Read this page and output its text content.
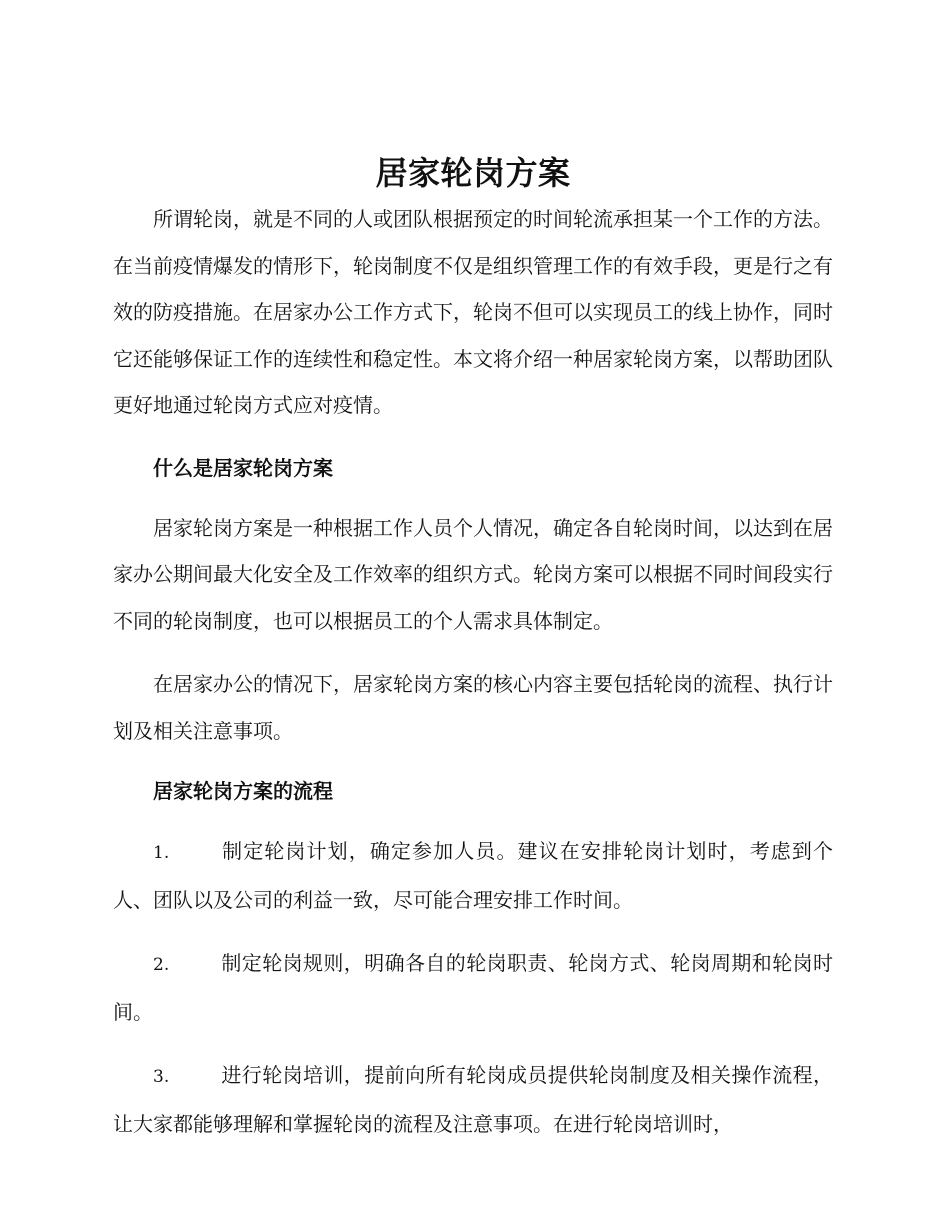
居家轮岗方案

所谓轮岗，就是不同的人或团队根据预定的时间轮流承担某一个工作的方法。在当前疫情爆发的情形下，轮岗制度不仅是组织管理工作的有效手段，更是行之有效的防疫措施。在居家办公工作方式下，轮岗不但可以实现员工的线上协作，同时它还能够保证工作的连续性和稳定性。本文将介绍一种居家轮岗方案，以帮助团队更好地通过轮岗方式应对疫情。

什么是居家轮岗方案

居家轮岗方案是一种根据工作人员个人情况，确定各自轮岗时间，以达到在居家办公期间最大化安全及工作效率的组织方式。轮岗方案可以根据不同时间段实行不同的轮岗制度，也可以根据员工的个人需求具体制定。

在居家办公的情况下，居家轮岗方案的核心内容主要包括轮岗的流程、执行计划及相关注意事项。

居家轮岗方案的流程

1.	制定轮岗计划，确定参加人员。建议在安排轮岗计划时，考虑到个人、团队以及公司的利益一致，尽可能合理安排工作时间。

2.	制定轮岗规则，明确各自的轮岗职责、轮岗方式、轮岗周期和轮岗时间。

3.	进行轮岗培训，提前向所有轮岗成员提供轮岗制度及相关操作流程，让大家都能够理解和掌握轮岗的流程及注意事项。在进行轮岗培训时，
